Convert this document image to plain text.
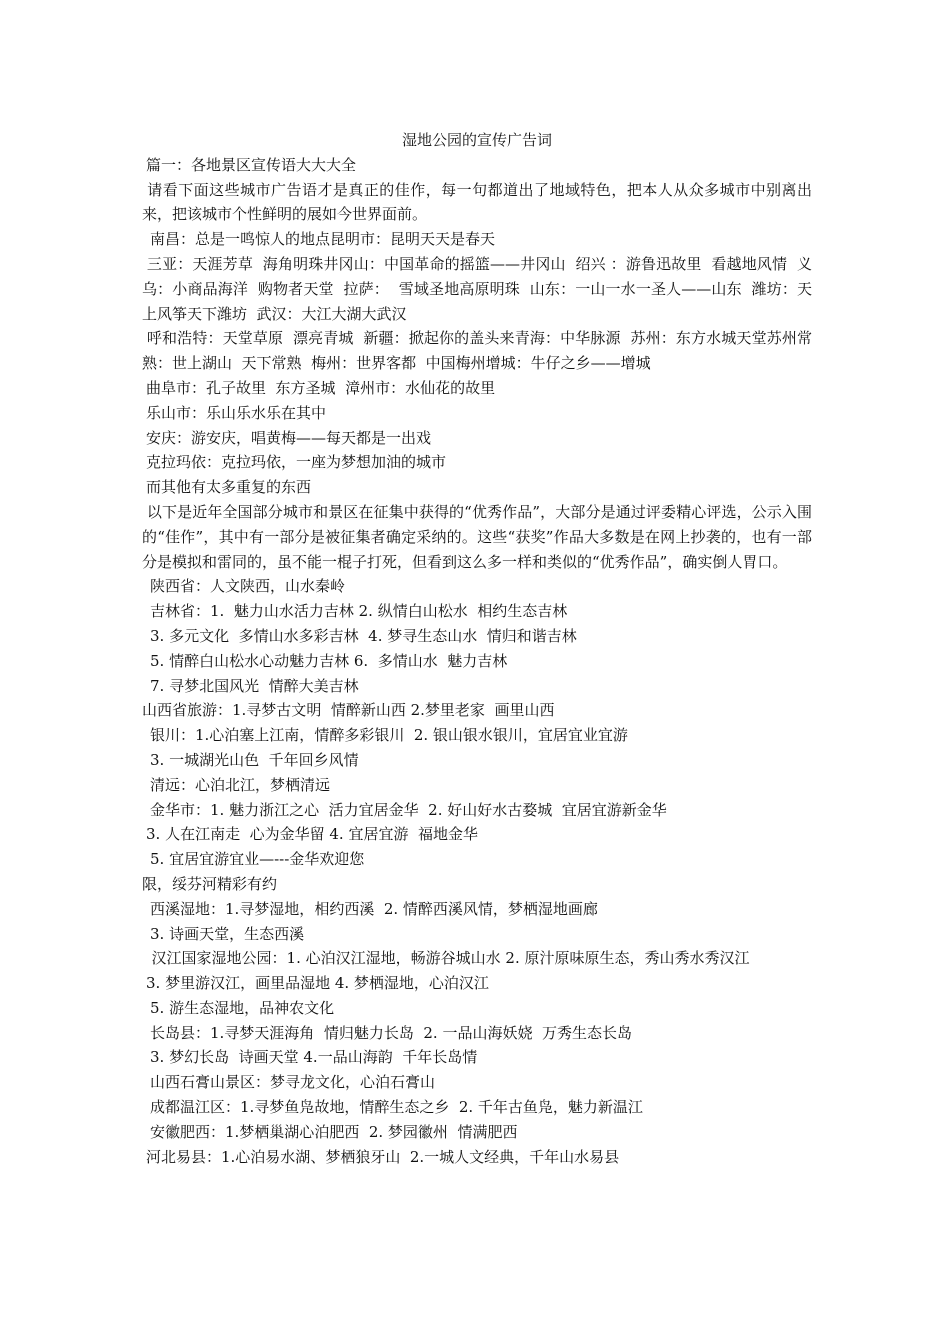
湿地公园的宣传广告词

篇一：各地景区宣传语大大大全

请看下面这些城市广告语才是真正的佳作，每一句都道出了地域特色，把本人从众多城市中别离出来，把该城市个性鲜明的展如今世界面前。

南昌：总是一鸣惊人的地点昆明市：昆明天天是春天

三亚：天涯芳草  海角明珠井冈山：中国革命的摇篮——井冈山  绍兴 ：游鲁迅故里  看越地风情  义乌：小商品海洋  购物者天堂  拉萨：  雪域圣地高原明珠  山东：一山一水一圣人——山东  潍坊：天上风筝天下潍坊  武汉：大江大湖大武汉

呼和浩特：天堂草原  漂亮青城  新疆：掀起你的盖头来青海：中华脉源  苏州：东方水城天堂苏州常熟：世上湖山  天下常熟  梅州：世界客都  中国梅州增城：牛仔之乡——增城

曲阜市：孔子故里  东方圣城  漳州市：水仙花的故里

乐山市：乐山乐水乐在其中

安庆：游安庆，唱黄梅——每天都是一出戏

克拉玛依：克拉玛依，一座为梦想加油的城市

而其他有太多重复的东西

以下是近年全国部分城市和景区在征集中获得的“优秀作品”，大部分是通过评委精心评选，公示入围的“佳作”，其中有一部分是被征集者确定采纳的。这些“获奖”作品大多数是在网上抄袭的，也有一部分是模拟和雷同的，虽不能一棍子打死，但看到这么多一样和类似的“优秀作品”，确实倒人胃口。

陕西省：人文陕西，山水秦岭

吉林省：1.  魅力山水活力吉林 2. 纵情白山松水  相约生态吉林

3. 多元文化  多情山水多彩吉林  4. 梦寻生态山水  情归和谐吉林

5. 情醉白山松水心动魅力吉林 6.  多情山水  魅力吉林

7. 寻梦北国风光  情醉大美吉林

山西省旅游：1.寻梦古文明  情醉新山西 2.梦里老家  画里山西

银川：1.心泊塞上江南，情醉多彩银川  2. 银山银水银川，宜居宜业宜游

3. 一城湖光山色  千年回乡风情

清远：心泊北江，梦栖清远

金华市：1. 魅力浙江之心  活力宜居金华  2. 好山好水古婺城  宜居宜游新金华

3. 人在江南走  心为金华留 4. 宜居宜游  福地金华

5. 宜居宜游宜业—---金华欢迎您

限，绥芬河精彩有约

西溪湿地：1.寻梦湿地，相约西溪  2. 情醉西溪风情，梦栖湿地画廊

3. 诗画天堂，生态西溪

汉江国家湿地公园：1. 心泊汉江湿地，畅游谷城山水 2. 原汁原味原生态，秀山秀水秀汉江

3. 梦里游汉江，画里品湿地 4. 梦栖湿地，心泊汉江

5. 游生态湿地，品神农文化

长岛县：1.寻梦天涯海角  情归魅力长岛  2. 一品山海妖娆  万秀生态长岛

3. 梦幻长岛  诗画天堂 4.一品山海韵  千年长岛情

山西石膏山景区：梦寻龙文化，心泊石膏山

成都温江区：1.寻梦鱼凫故地，情醉生态之乡  2. 千年古鱼凫，魅力新温江

安徽肥西：1.梦栖巢湖心泊肥西  2. 梦园徽州  情满肥西

河北易县：1.心泊易水湖、梦栖狼牙山  2.一城人文经典，千年山水易县
